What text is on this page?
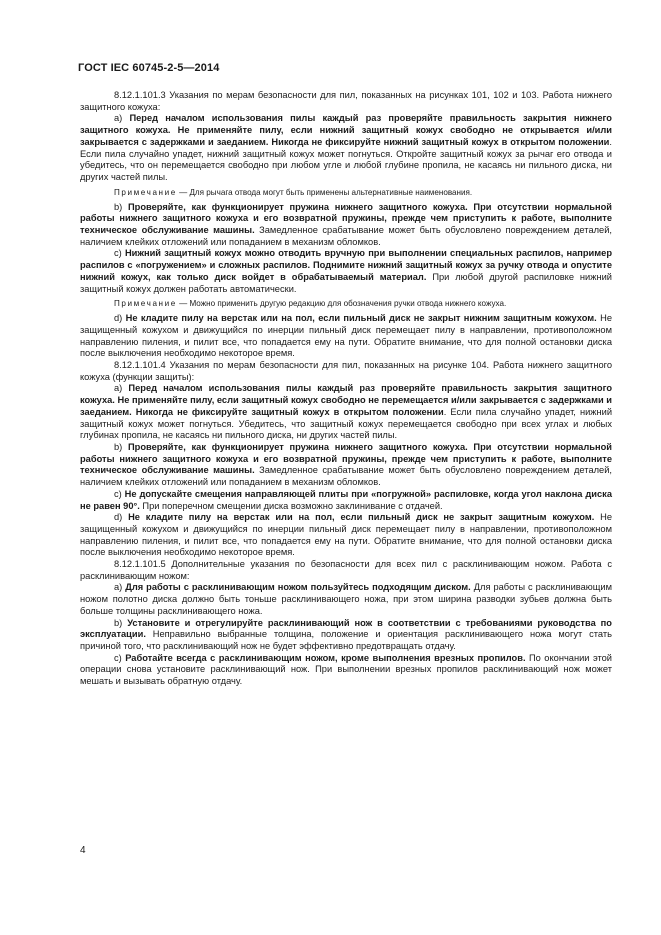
ГОСТ IEC 60745-2-5—2014

8.12.1.101.3 Указания по мерам безопасности для пил, показанных на рисунках 101, 102 и 103. Работа нижнего защитного кожуха:

a) Перед началом использования пилы каждый раз проверяйте правильность закрытия нижнего защитного кожуха. Не применяйте пилу, если нижний защитный кожух свободно не открывается и/или закрывается с задержками и заеданием. Никогда не фиксируйте нижний защитный кожух в открытом положении. Если пила случайно упадет, нижний защитный кожух может погнуться. Откройте защитный кожух за рычаг его отвода и убедитесь, что он перемещается свободно при любом угле и любой глубине пропила, не касаясь ни пильного диска, ни других частей пилы.

Примечание — Для рычага отвода могут быть применены альтернативные наименования.

b) Проверяйте, как функционирует пружина нижнего защитного кожуха. При отсутствии нормальной работы нижнего защитного кожуха и его возвратной пружины, прежде чем приступить к работе, выполните техническое обслуживание машины. Замедленное срабатывание может быть обусловлено повреждением деталей, наличием клейких отложений или попаданием в механизм обломков.

c) Нижний защитный кожух можно отводить вручную при выполнении специальных распилов, например распилов с «погружением» и сложных распилов. Поднимите нижний защитный кожух за ручку отвода и опустите нижний кожух, как только диск войдет в обрабатываемый материал. При любой другой распиловке нижний защитный кожух должен работать автоматически.

Примечание — Можно применить другую редакцию для обозначения ручки отвода нижнего кожуха.

d) Не кладите пилу на верстак или на пол, если пильный диск не закрыт нижним защитным кожухом. Не защищенный кожухом и движущийся по инерции пильный диск перемещает пилу в направлении, противоположном направлению пиления, и пилит все, что попадается ему на пути. Обратите внимание, что для полной остановки диска после выключения необходимо некоторое время.

8.12.1.101.4 Указания по мерам безопасности для пил, показанных на рисунке 104. Работа нижнего защитного кожуха (функции защиты):

a) Перед началом использования пилы каждый раз проверяйте правильность закрытия защитного кожуха. Не применяйте пилу, если защитный кожух свободно не перемещается и/или закрывается с задержками и заеданием. Никогда не фиксируйте защитный кожух в открытом положении. Если пила случайно упадет, нижний защитный кожух может погнуться. Убедитесь, что защитный кожух перемещается свободно при всех углах и любых глубинах пропила, не касаясь ни пильного диска, ни других частей пилы.

b) Проверяйте, как функционирует пружина нижнего защитного кожуха. При отсутствии нормальной работы нижнего защитного кожуха и его возвратной пружины, прежде чем приступить к работе, выполните техническое обслуживание машины. Замедленное срабатывание может быть обусловлено повреждением деталей, наличием клейких отложений или попаданием в механизм обломков.

c) Не допускайте смещения направляющей плиты при «погружной» распиловке, когда угол наклона диска не равен 90°. При поперечном смещении диска возможно заклинивание с отдачей.

d) Не кладите пилу на верстак или на пол, если пильный диск не закрыт защитным кожухом. Не защищенный кожухом и движущийся по инерции пильный диск перемещает пилу в направлении, противоположном направлению пиления, и пилит все, что попадается ему на пути. Обратите внимание, что для полной остановки диска после выключения необходимо некоторое время.

8.12.1.101.5 Дополнительные указания по безопасности для всех пил с расклинивающим ножом. Работа с расклинивающим ножом:

a) Для работы с расклинивающим ножом пользуйтесь подходящим диском. Для работы с расклинивающим ножом полотно диска должно быть тоньше расклинивающего ножа, при этом ширина разводки зубьев должна быть больше толщины расклинивающего ножа.

b) Установите и отрегулируйте расклинивающий нож в соответствии с требованиями руководства по эксплуатации. Неправильно выбранные толщина, положение и ориентация расклинивающего ножа могут стать причиной того, что расклинивающий нож не будет эффективно предотвращать отдачу.

c) Работайте всегда с расклинивающим ножом, кроме выполнения врезных пропилов. По окончании этой операции снова установите расклинивающий нож. При выполнении врезных пропилов расклинивающий нож может мешать и вызывать обратную отдачу.

4
